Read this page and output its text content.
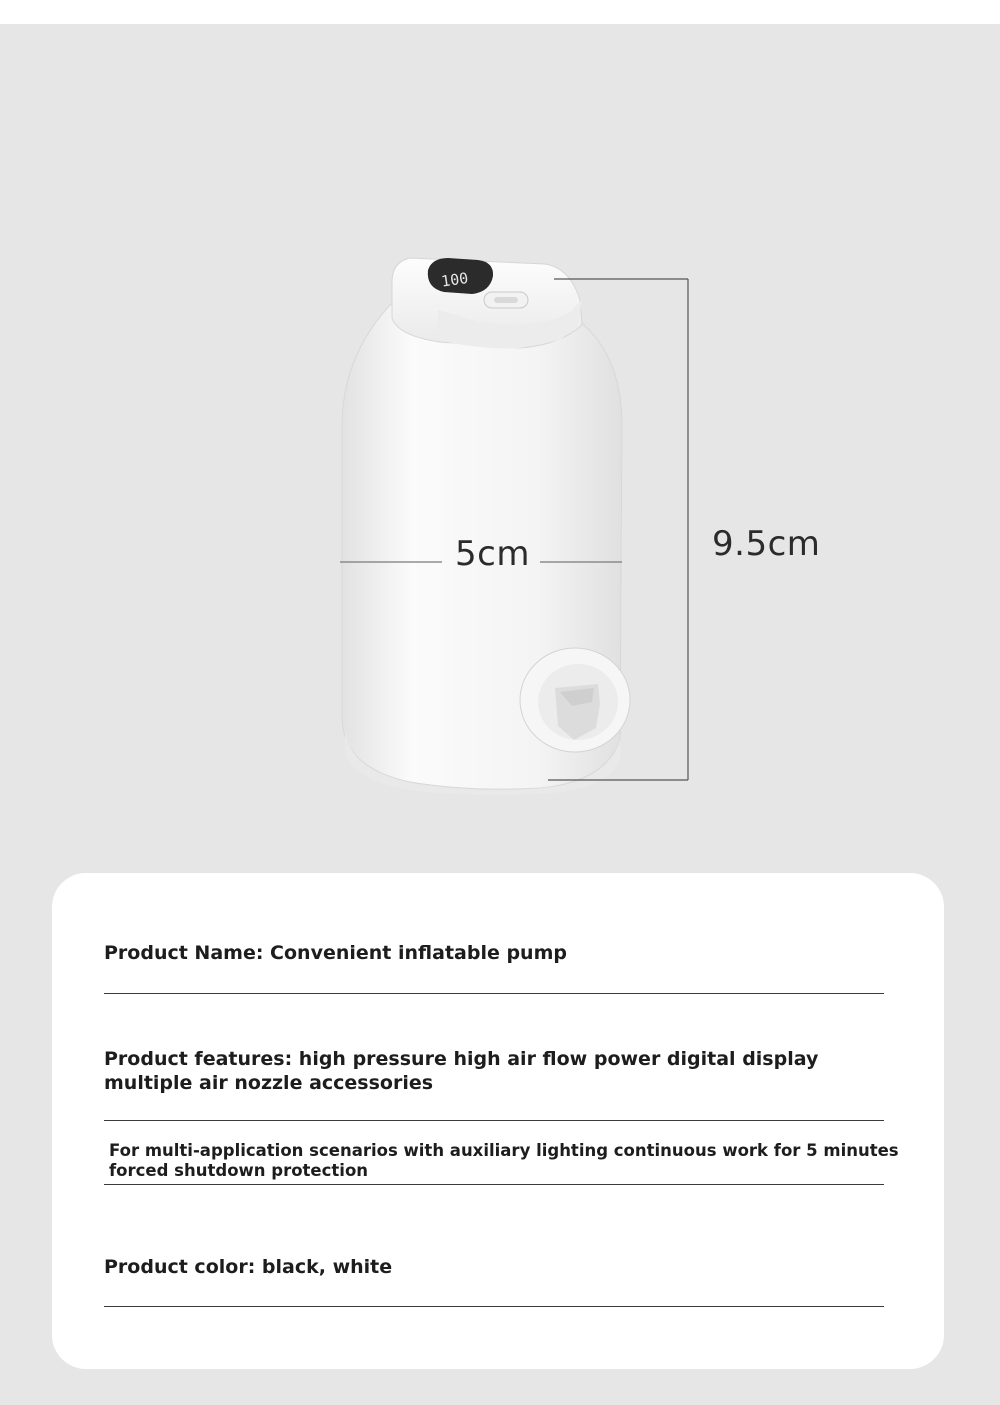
100
5cm	9.5cm
Product Name: Convenient inflatable pump
Product features: high pressure high air flow power digital display multiple air nozzle accessories
For multi-application scenarios with auxiliary lighting continuous work for 5 minutes forced shutdown protection
Product color: black, white
